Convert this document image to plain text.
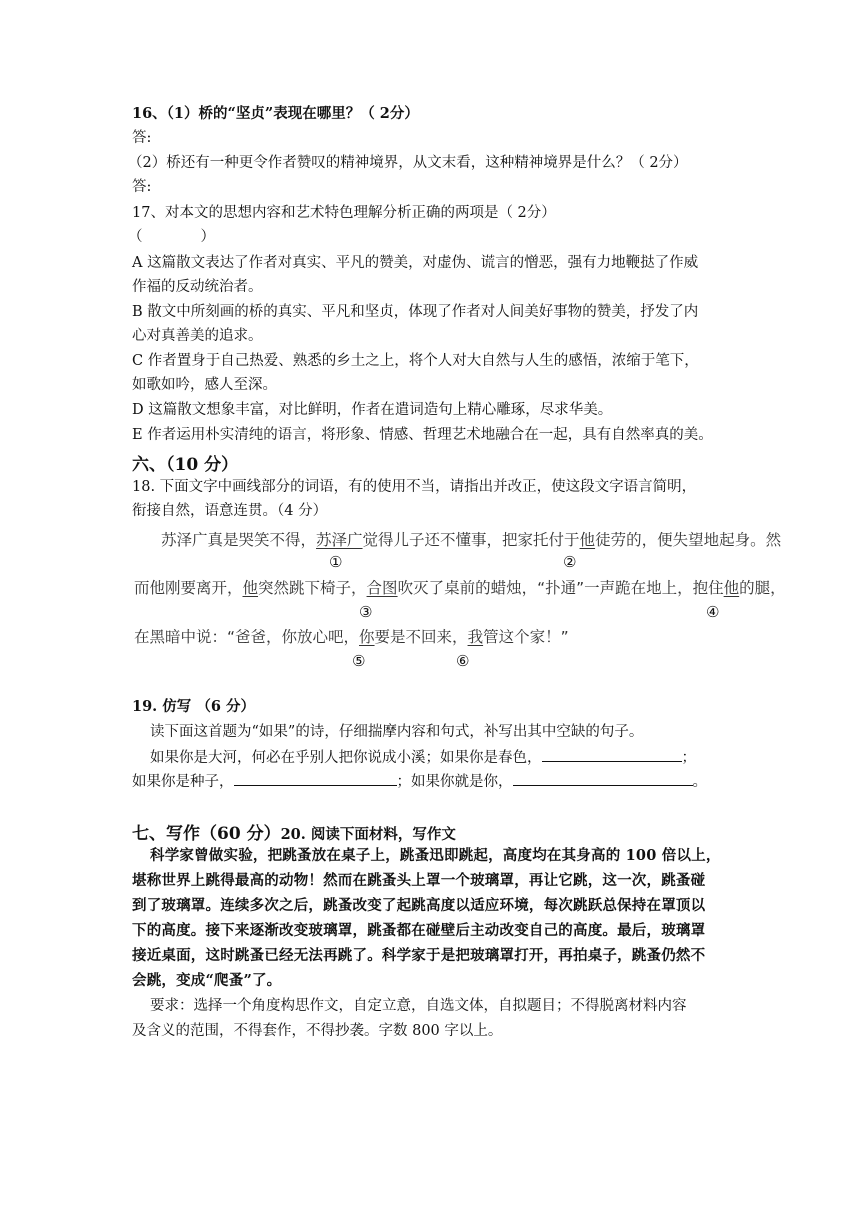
16、（1）桥的“坚贞”表现在哪里？（ 2分）
答:
（2）桥还有一种更令作者赞叹的精神境界，从文末看，这种精神境界是什么？（ 2分）
答:
17、对本文的思想内容和艺术特色理解分析正确的两项是（ 2分）
（　　　　）
A 这篇散文表达了作者对真实、平凡的赞美，对虚伪、谎言的憎恶，强有力地鞭挞了作威
作福的反动统治者。
B 散文中所刻画的桥的真实、平凡和坚贞，体现了作者对人间美好事物的赞美，抒发了内
心对真善美的追求。
C 作者置身于自己热爱、熟悉的乡土之上，将个人对大自然与人生的感悟，浓缩于笔下，
如歌如吟，感人至深。
D 这篇散文想象丰富，对比鲜明，作者在遣词造句上精心雕琢，尽求华美。
E 作者运用朴实清纯的语言，将形象、情感、哲理艺术地融合在一起，具有自然率真的美。
六、（10 分）
18. 下面文字中画线部分的词语，有的使用不当，请指出并改正，使这段文字语言简明，
衔接自然，语意连贯。（4 分）
苏泽广真是哭笑不得，苏泽广觉得儿子还不懂事，把家托付于他徒劳的，便失望地起身。然
①	②
而他刚要离开，他突然跳下椅子，合图吹灭了桌前的蜡烛，“扑通”一声跪在地上，抱住他的腿，
③	④
在黑暗中说：“爸爸，你放心吧，你要是不回来，我管这个家！”
⑤	⑥
19. 仿写 （6 分）
读下面这首题为“如果”的诗，仔细揣摩内容和句式，补写出其中空缺的句子。
如果你是大河，何必在乎别人把你说成小溪；如果你是春色，	；
如果你是种子，	；如果你就是你，	。
七、写作（60 分）20. 阅读下面材料，写作文
科学家曾做实验，把跳蚤放在桌子上，跳蚤迅即跳起，高度均在其身高的 100 倍以上，
堪称世界上跳得最高的动物！然而在跳蚤头上罩一个玻璃罩，再让它跳，这一次，跳蚤碰
到了玻璃罩。连续多次之后，跳蚤改变了起跳高度以适应环境，每次跳跃总保持在罩顶以
下的高度。接下来逐渐改变玻璃罩，跳蚤都在碰壁后主动改变自己的高度。最后，玻璃罩
接近桌面，这时跳蚤已经无法再跳了。科学家于是把玻璃罩打开，再拍桌子，跳蚤仍然不
会跳，变成“爬蚤”了。
要求：选择一个角度构思作文，自定立意，自选文体，自拟题目；不得脱离材料内容
及含义的范围，不得套作，不得抄袭。字数 800 字以上。
